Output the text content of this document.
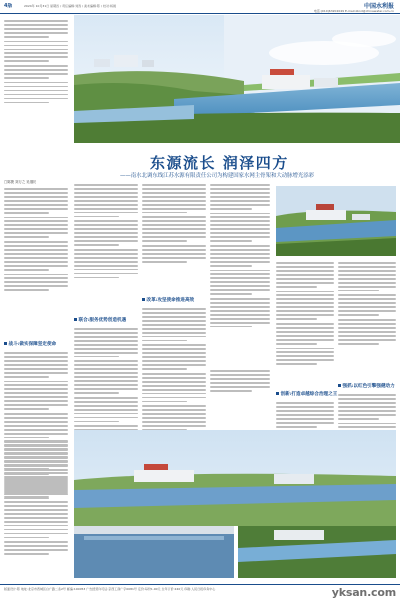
4版	2024年 10月31日 星期四 / 责任编辑:刘涛 / 美术编辑:陈 / 校对:杨晨	中国水利报
电话:(010)63202049 E-mail:zbnd@chinawater.com.cn
东源流长 润泽四方
——南水北调东线江苏水源有限责任公司为构建国家水网主骨架和大动脉增光添彩
□陈捷 刘万之 吴继钧
战斗:做实保障坚定使命
联合:服务优势创造机遇
改革:攻坚使命推进高效
强抓:以红色引擎强健动力
创新:打造卓越综合治理之王
版面设计:陈 地址:北京市西城区白广路二条2号 邮编:100053 广告经营许可证:京西工商广字0081号 定价:每份1.00元 全年订价:240元 印刷:人民日报印务中心	yksan.com
